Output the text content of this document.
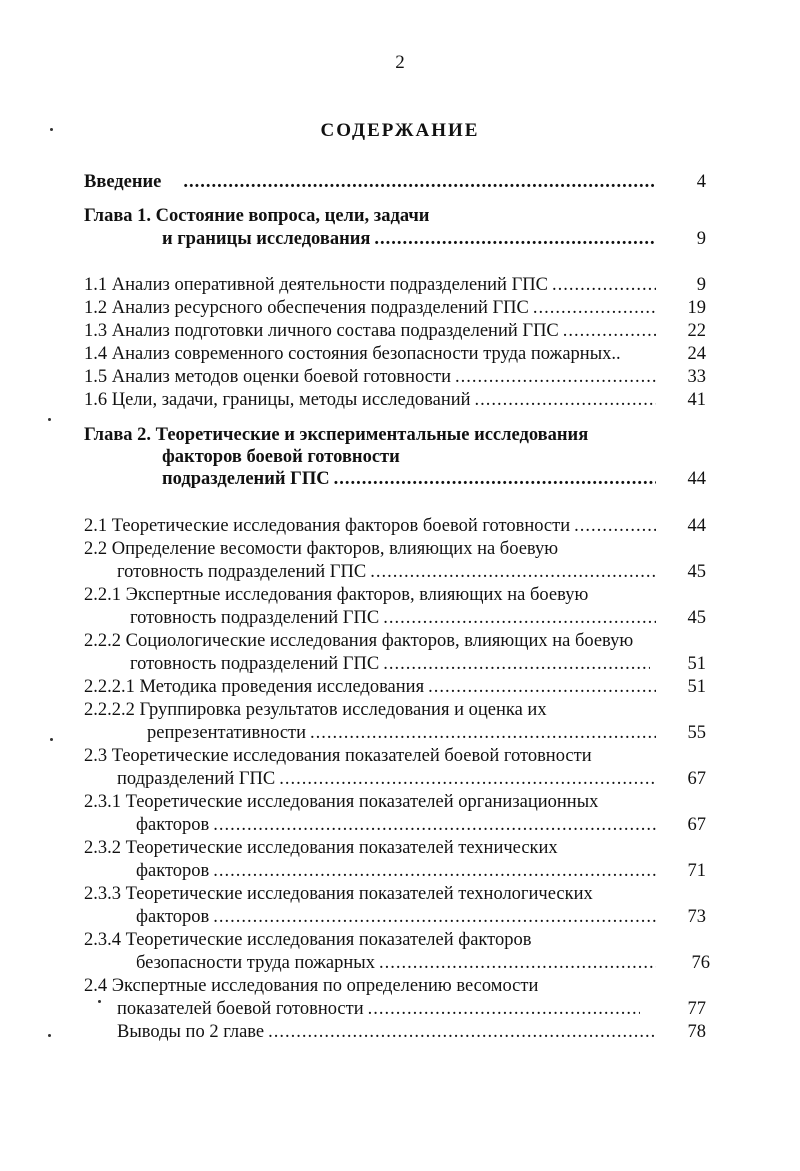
2
СОДЕРЖАНИЕ
Введение .....	4
Глава 1. Состояние вопроса, цели, задачи
и границы исследования .....	9
1.1 Анализ оперативной деятельности подразделений ГПС .....	9
1.2 Анализ ресурсного обеспечения подразделений ГПС .....	19
1.3 Анализ подготовки личного состава подразделений ГПС .....	22
1.4 Анализ современного состояния безопасности труда пожарных..	24
1.5 Анализ методов оценки боевой готовности .....	33
1.6 Цели, задачи, границы, методы исследований .....	41
Глава 2. Теоретические и экспериментальные исследования
факторов боевой готовности
подразделений ГПС .....	44
2.1 Теоретические исследования факторов боевой готовности .....	44
2.2 Определение весомости факторов, влияющих на боевую
готовность подразделений ГПС .....	45
2.2.1 Экспертные исследования факторов, влияющих на боевую
готовность подразделений ГПС .....	45
2.2.2 Социологические исследования факторов, влияющих на боевую
готовность подразделений ГПС .....	51
2.2.2.1 Методика проведения исследования .....	51
2.2.2.2 Группировка результатов исследования и оценка их
репрезентативности .....	55
2.3 Теоретические исследования показателей боевой готовности
подразделений ГПС .....	67
2.3.1 Теоретические исследования показателей организационных
факторов .....	67
2.3.2 Теоретические исследования показателей технических
факторов .....	71
2.3.3 Теоретические исследования показателей технологических
факторов .....	73
2.3.4 Теоретические исследования показателей факторов
безопасности труда пожарных .....	76
2.4 Экспертные исследования по определению весомости
показателей боевой готовности .....	77
Выводы по 2 главе .....	78
